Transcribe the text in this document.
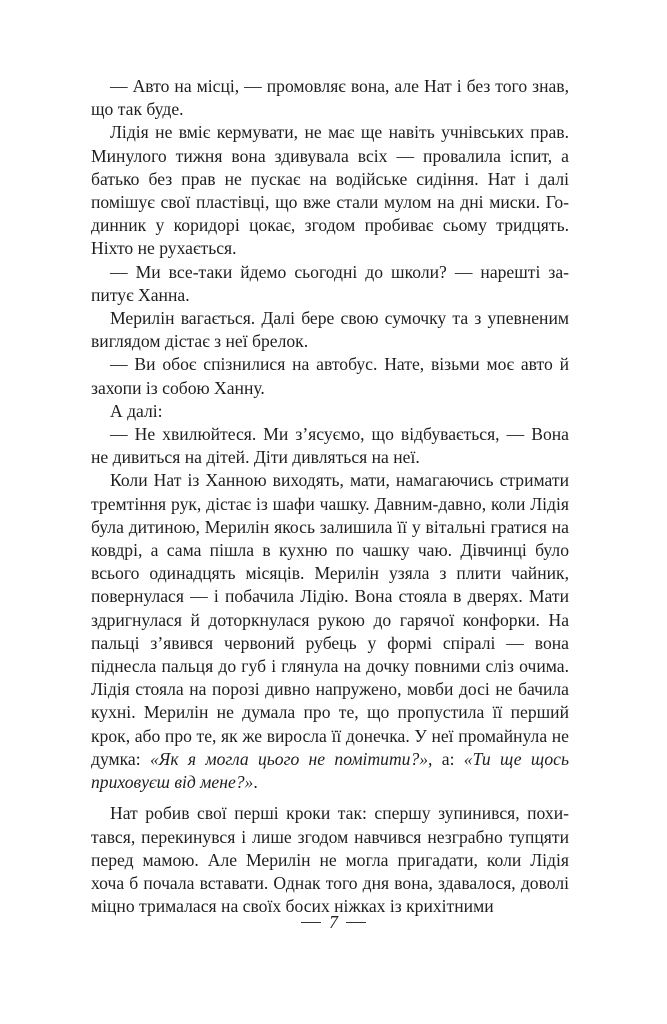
— Авто на місці, — промовляє вона, але Нат і без того знав, що так буде.

Лідія не вміє кермувати, не має ще навіть учнівських прав. Минулого тижня вона здивувала всіх — провалила іспит, а батько без прав не пускає на водійське сидіння. Нат і далі помішує свої пластівці, що вже стали мулом на дні миски. Годинник у коридорі цокає, згодом пробиває сьому тридцять. Ніхто не рухається.

— Ми все-таки йдемо сьогодні до школи? — нарешті запитує Ханна.

Мерилін вагається. Далі бере свою сумочку та з упевненим виглядом дістає з неї брелок.

— Ви обоє спізнилися на автобус. Нате, візьми моє авто й захопи із собою Ханну.

А далі:

— Не хвилюйтеся. Ми з’ясуємо, що відбувається, — Вона не дивиться на дітей. Діти дивляться на неї.

Коли Нат із Ханною виходять, мати, намагаючись стримати тремтіння рук, дістає із шафи чашку. Давним-давно, коли Лідія була дитиною, Мерилін якось залишила її у вітальні гратися на ковдрі, а сама пішла в кухню по чашку чаю. Дівчинці було всього одинадцять місяців. Мерилін узяла з плити чайник, повернулася — і побачила Лідію. Вона стояла в дверях. Мати здригнулася й доторкнулася рукою до гарячої конфорки. На пальці з’явився червоний рубець у формі спіралі — вона піднесла пальця до губ і глянула на дочку повними сліз очима. Лідія стояла на порозі дивно напружено, мовби досі не бачила кухні. Мерилін не думала про те, що пропустила її перший крок, або про те, як же виросла її донечка. У неї промайнула не думка: «Як я могла цього не помітити?», а: «Ти ще щось приховуєш від мене?».

Нат робив свої перші кроки так: спершу зупинився, похитався, перекинувся і лише згодом навчився незграбно тупцяти перед мамою. Але Мерилін не могла пригадати, коли Лідія хоча б почала вставати. Однак того дня вона, здавалося, доволі міцно трималася на своїх босих ніжках із крихітними

7
